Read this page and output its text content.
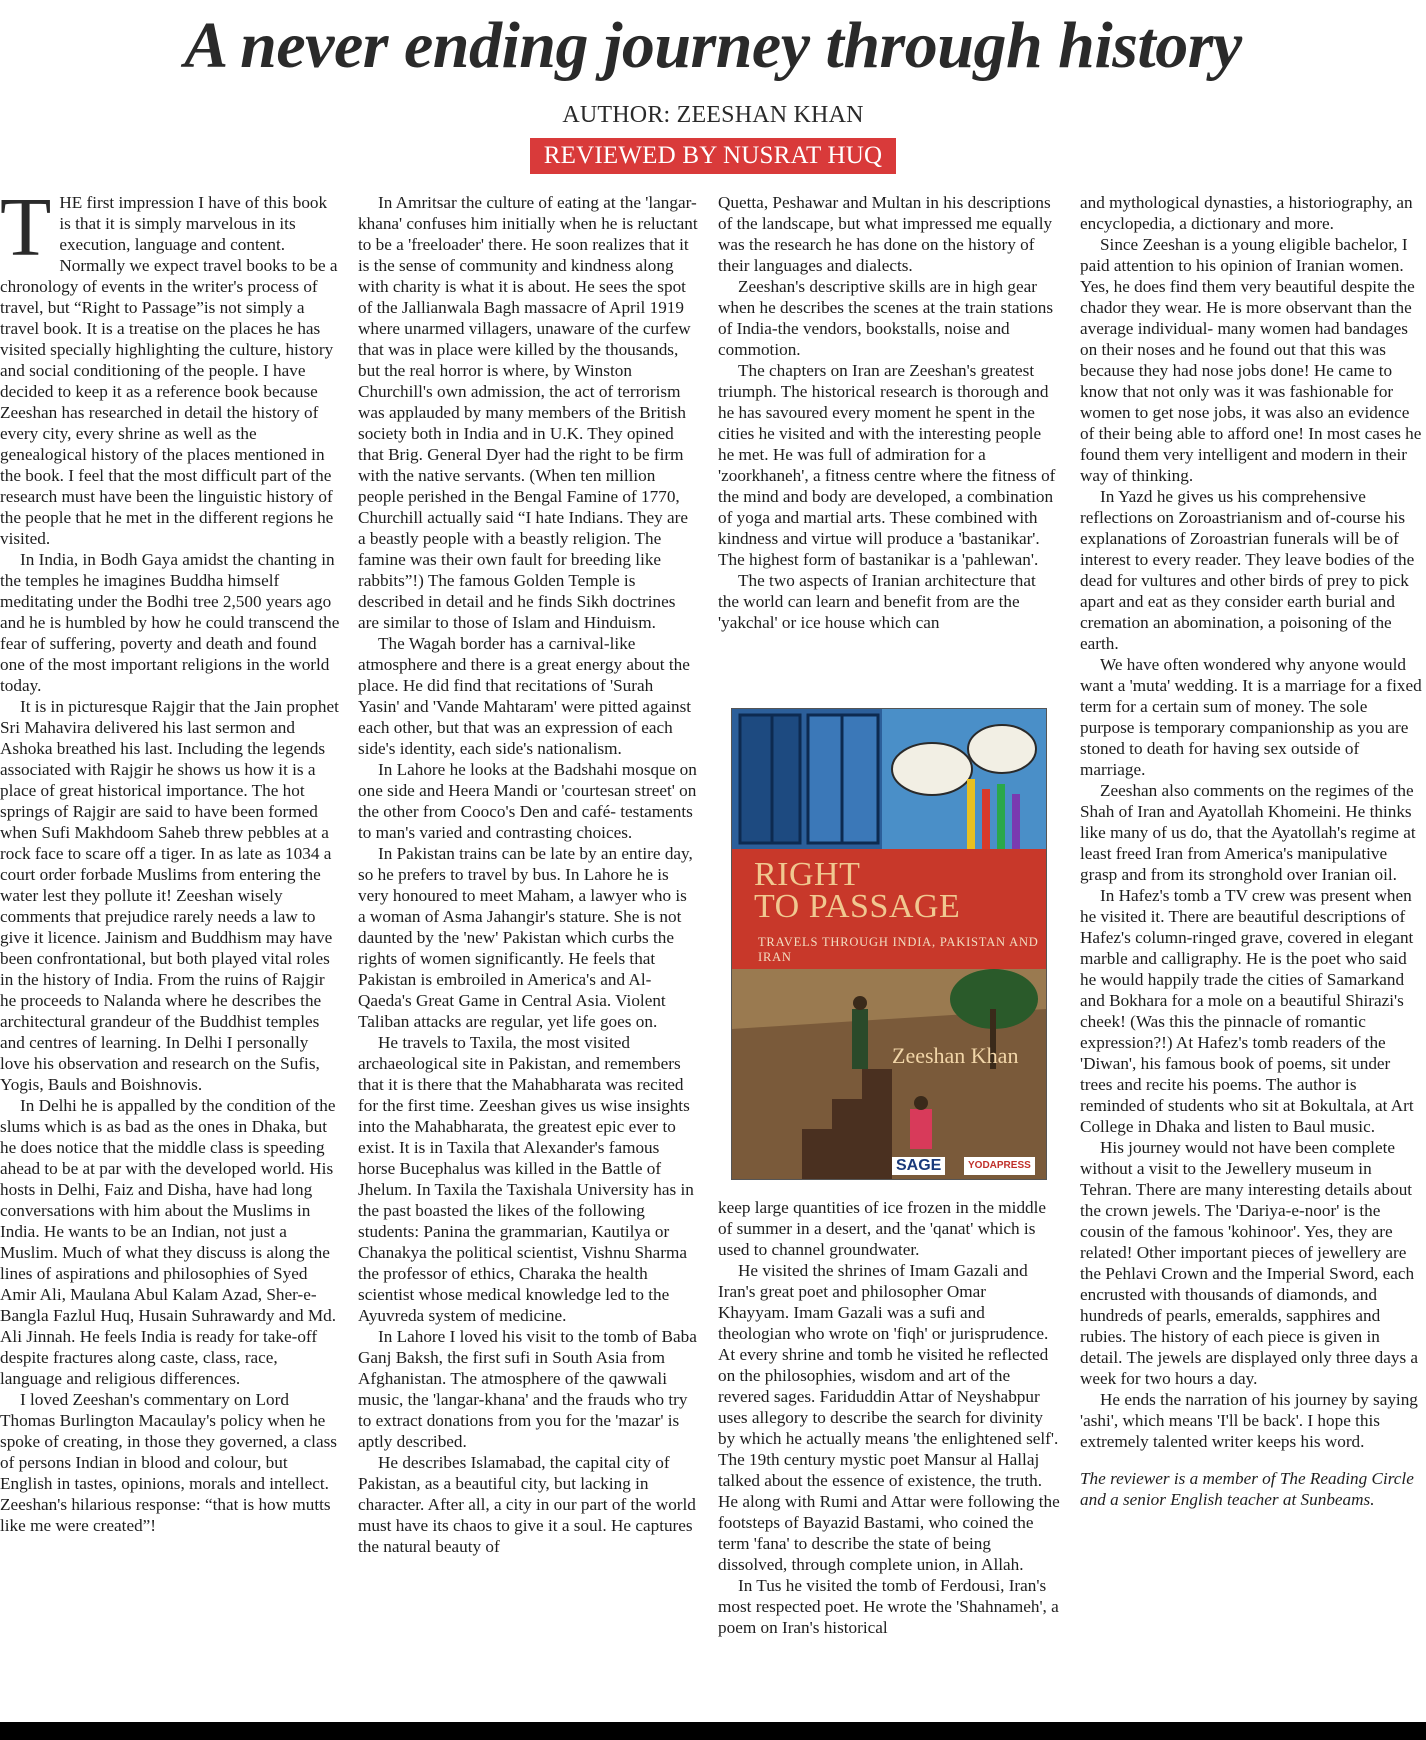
A never ending journey through history
AUTHOR: ZEESHAN KHAN
REVIEWED BY NUSRAT HUQ

THE first impression I have of this book is that it is simply marvelous in its execution, language and content. Normally we expect travel books to be a chronology of events in the writer's process of travel, but “Right to Passage”is not simply a travel book. It is a treatise on the places he has visited specially highlighting the culture, history and social conditioning of the people. I have decided to keep it as a reference book because Zeeshan has researched in detail the history of every city, every shrine as well as the genealogical history of the places mentioned in the book. I feel that the most difficult part of the research must have been the linguistic history of the people that he met in the different regions he visited.

In India, in Bodh Gaya amidst the chanting in the temples he imagines Buddha himself meditating under the Bodhi tree 2,500 years ago and he is humbled by how he could transcend the fear of suffering, poverty and death and found one of the most important religions in the world today.

It is in picturesque Rajgir that the Jain prophet Sri Mahavira delivered his last sermon and Ashoka breathed his last. Including the legends associated with Rajgir he shows us how it is a place of great historical importance. The hot springs of Rajgir are said to have been formed when Sufi Makhdoom Saheb threw pebbles at a rock face to scare off a tiger. In as late as 1034 a court order forbade Muslims from entering the water lest they pollute it! Zeeshan wisely comments that prejudice rarely needs a law to give it licence. Jainism and Buddhism may have been confrontational, but both played vital roles in the history of India. From the ruins of Rajgir he proceeds to Nalanda where he describes the architectural grandeur of the Buddhist temples and centres of learning. In Delhi I personally love his observation and research on the Sufis, Yogis, Bauls and Boishnovis.

In Delhi he is appalled by the condition of the slums which is as bad as the ones in Dhaka, but he does notice that the middle class is speeding ahead to be at par with the developed world. His hosts in Delhi, Faiz and Disha, have had long conversations with him about the Muslims in India. He wants to be an Indian, not just a Muslim. Much of what they discuss is along the lines of aspirations and philosophies of Syed Amir Ali, Maulana Abul Kalam Azad, Sher-e-Bangla Fazlul Huq, Husain Suhrawardy and Md. Ali Jinnah. He feels India is ready for take-off despite fractures along caste, class, race, language and religious differences.

I loved Zeeshan's commentary on Lord Thomas Burlington Macaulay's policy when he spoke of creating, in those they governed, a class of persons Indian in blood and colour, but English in tastes, opinions, morals and intellect. Zeeshan's hilarious response: “that is how mutts like me were created”!

In Amritsar the culture of eating at the 'langar- khana' confuses him initially when he is reluctant to be a 'freeloader' there. He soon realizes that it is the sense of community and kindness along with charity is what it is about. He sees the spot of the Jallianwala Bagh massacre of April 1919 where unarmed villagers, unaware of the curfew that was in place were killed by the thousands, but the real horror is where, by Winston Churchill's own admission, the act of terrorism was applauded by many members of the British society both in India and in U.K. They opined that Brig. General Dyer had the right to be firm with the native servants. (When ten million people perished in the Bengal Famine of 1770, Churchill actually said “I hate Indians. They are a beastly people with a beastly religion. The famine was their own fault for breeding like rabbits”!) The famous Golden Temple is described in detail and he finds Sikh doctrines are similar to those of Islam and Hinduism.

The Wagah border has a carnival-like atmosphere and there is a great energy about the place. He did find that recitations of 'Surah Yasin' and 'Vande Mahtaram' were pitted against each other, but that was an expression of each side's identity, each side's nationalism.

In Lahore he looks at the Badshahi mosque on one side and Heera Mandi or 'courtesan street' on the other from Cooco's Den and café- testaments to man's varied and contrasting choices.

In Pakistan trains can be late by an entire day, so he prefers to travel by bus. In Lahore he is very honoured to meet Maham, a lawyer who is a woman of Asma Jahangir's stature. She is not daunted by the 'new' Pakistan which curbs the rights of women significantly. He feels that Pakistan is embroiled in America's and Al-Qaeda's Great Game in Central Asia. Violent Taliban attacks are regular, yet life goes on.

He travels to Taxila, the most visited archaeological site in Pakistan, and remembers that it is there that the Mahabharata was recited for the first time. Zeeshan gives us wise insights into the Mahabharata, the greatest epic ever to exist. It is in Taxila that Alexander's famous horse Bucephalus was killed in the Battle of Jhelum. In Taxila the Taxishala University has in the past boasted the likes of the following students: Panina the grammarian, Kautilya or Chanakya the political scientist, Vishnu Sharma the professor of ethics, Charaka the health scientist whose medical knowledge led to the Ayuvreda system of medicine.

In Lahore I loved his visit to the tomb of Baba Ganj Baksh, the first sufi in South Asia from Afghanistan. The atmosphere of the qawwali music, the 'langar-khana' and the frauds who try to extract donations from you for the 'mazar' is aptly described.

He describes Islamabad, the capital city of Pakistan, as a beautiful city, but lacking in character. After all, a city in our part of the world must have its chaos to give it a soul. He captures the natural beauty of

Quetta, Peshawar and Multan in his descriptions of the landscape, but what impressed me equally was the research he has done on the history of their languages and dialects.

Zeeshan's descriptive skills are in high gear when he describes the scenes at the train stations of India-the vendors, bookstalls, noise and commotion.

The chapters on Iran are Zeeshan's greatest triumph. The historical research is thorough and he has savoured every moment he spent in the cities he visited and with the interesting people he met. He was full of admiration for a 'zoorkhaneh', a fitness centre where the fitness of the mind and body are developed, a combination of yoga and martial arts. These combined with kindness and virtue will produce a 'bastanikar'. The highest form of bastanikar is a 'pahlewan'.

The two aspects of Iranian architecture that the world can learn and benefit from are the 'yakchal' or ice house which can

RIGHT
TO PASSAGE
TRAVELS THROUGH INDIA, PAKISTAN AND IRAN
Zeeshan Khan
SAGE	YODAPRESS

keep large quantities of ice frozen in the middle of summer in a desert, and the 'qanat' which is used to channel groundwater.

He visited the shrines of Imam Gazali and Iran's great poet and philosopher Omar Khayyam. Imam Gazali was a sufi and theologian who wrote on 'fiqh' or jurisprudence. At every shrine and tomb he visited he reflected on the philosophies, wisdom and art of the revered sages. Fariduddin Attar of Neyshabpur uses allegory to describe the search for divinity by which he actually means 'the enlightened self'. The 19th century mystic poet Mansur al Hallaj talked about the essence of existence, the truth. He along with Rumi and Attar were following the footsteps of Bayazid Bastami, who coined the term 'fana' to describe the state of being dissolved, through complete union, in Allah.

In Tus he visited the tomb of Ferdousi, Iran's most respected poet. He wrote the 'Shahnameh', a poem on Iran's historical

and mythological dynasties, a historiography, an encyclopedia, a dictionary and more.

Since Zeeshan is a young eligible bachelor, I paid attention to his opinion of Iranian women. Yes, he does find them very beautiful despite the chador they wear. He is more observant than the average individual- many women had bandages on their noses and he found out that this was because they had nose jobs done! He came to know that not only was it was fashionable for women to get nose jobs, it was also an evidence of their being able to afford one! In most cases he found them very intelligent and modern in their way of thinking.

In Yazd he gives us his comprehensive reflections on Zoroastrianism and of-course his explanations of Zoroastrian funerals will be of interest to every reader. They leave bodies of the dead for vultures and other birds of prey to pick apart and eat as they consider earth burial and cremation an abomination, a poisoning of the earth.

We have often wondered why anyone would want a 'muta' wedding. It is a marriage for a fixed term for a certain sum of money. The sole purpose is temporary companionship as you are stoned to death for having sex outside of marriage.

Zeeshan also comments on the regimes of the Shah of Iran and Ayatollah Khomeini. He thinks like many of us do, that the Ayatollah's regime at least freed Iran from America's manipulative grasp and from its stronghold over Iranian oil.

In Hafez's tomb a TV crew was present when he visited it. There are beautiful descriptions of Hafez's column-ringed grave, covered in elegant marble and calligraphy. He is the poet who said he would happily trade the cities of Samarkand and Bokhara for a mole on a beautiful Shirazi's cheek! (Was this the pinnacle of romantic expression?!) At Hafez's tomb readers of the 'Diwan', his famous book of poems, sit under trees and recite his poems. The author is reminded of students who sit at Bokultala, at Art College in Dhaka and listen to Baul music.

His journey would not have been complete without a visit to the Jewellery museum in Tehran. There are many interesting details about the crown jewels. The 'Dariya-e-noor' is the cousin of the famous 'kohinoor'. Yes, they are related! Other important pieces of jewellery are the Pehlavi Crown and the Imperial Sword, each encrusted with thousands of diamonds, and hundreds of pearls, emeralds, sapphires and rubies. The history of each piece is given in detail. The jewels are displayed only three days a week for two hours a day.

He ends the narration of his journey by saying 'ashi', which means 'I'll be back'. I hope this extremely talented writer keeps his word.

The reviewer is a member of The Reading Circle and a senior English teacher at Sunbeams.
